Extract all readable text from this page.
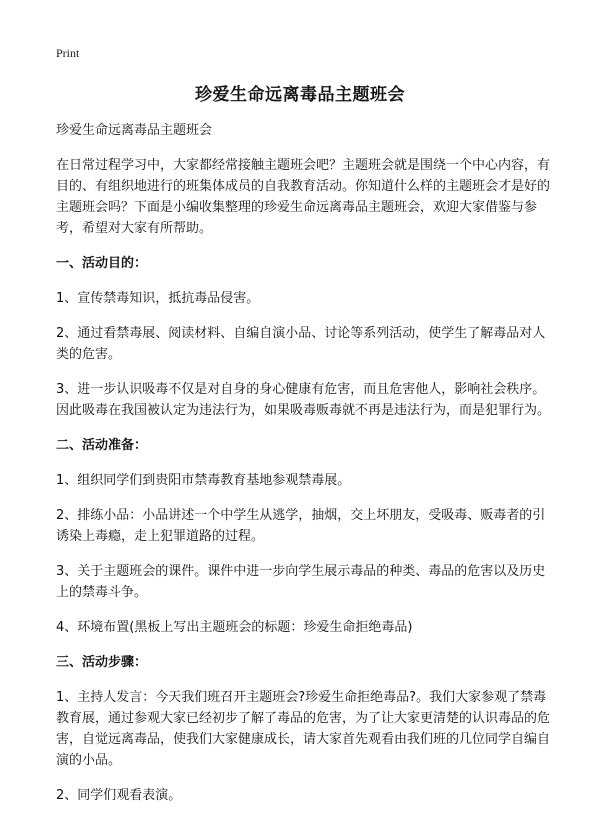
Print
珍爱生命远离毒品主题班会

珍爱生命远离毒品主题班会

在日常过程学习中，大家都经常接触主题班会吧？主题班会就是围绕一个中心内容，有目的、有组织地进行的班集体成员的自我教育活动。你知道什么样的主题班会才是好的主题班会吗？下面是小编收集整理的珍爱生命远离毒品主题班会，欢迎大家借鉴与参考，希望对大家有所帮助。

一、活动目的：

1、宣传禁毒知识，抵抗毒品侵害。

2、通过看禁毒展、阅读材料、自编自演小品、讨论等系列活动，使学生了解毒品对人类的危害。

3、进一步认识吸毒不仅是对自身的身心健康有危害，而且危害他人，影响社会秩序。因此吸毒在我国被认定为违法行为，如果吸毒贩毒就不再是违法行为，而是犯罪行为。

二、活动准备：

1、组织同学们到贵阳市禁毒教育基地参观禁毒展。

2、排练小品：小品讲述一个中学生从逃学，抽烟，交上坏朋友，受吸毒、贩毒者的引诱染上毒瘾，走上犯罪道路的过程。

3、关于主题班会的课件。课件中进一步向学生展示毒品的种类、毒品的危害以及历史上的禁毒斗争。

4、环境布置(黑板上写出主题班会的标题：珍爱生命拒绝毒品)

三、活动步骤：

1、主持人发言：今天我们班召开主题班会?珍爱生命拒绝毒品?。我们大家参观了禁毒教育展，通过参观大家已经初步了解了毒品的危害，为了让大家更清楚的认识毒品的危害，自觉远离毒品，使我们大家健康成长，请大家首先观看由我们班的几位同学自编自演的小品。

2、同学们观看表演。
